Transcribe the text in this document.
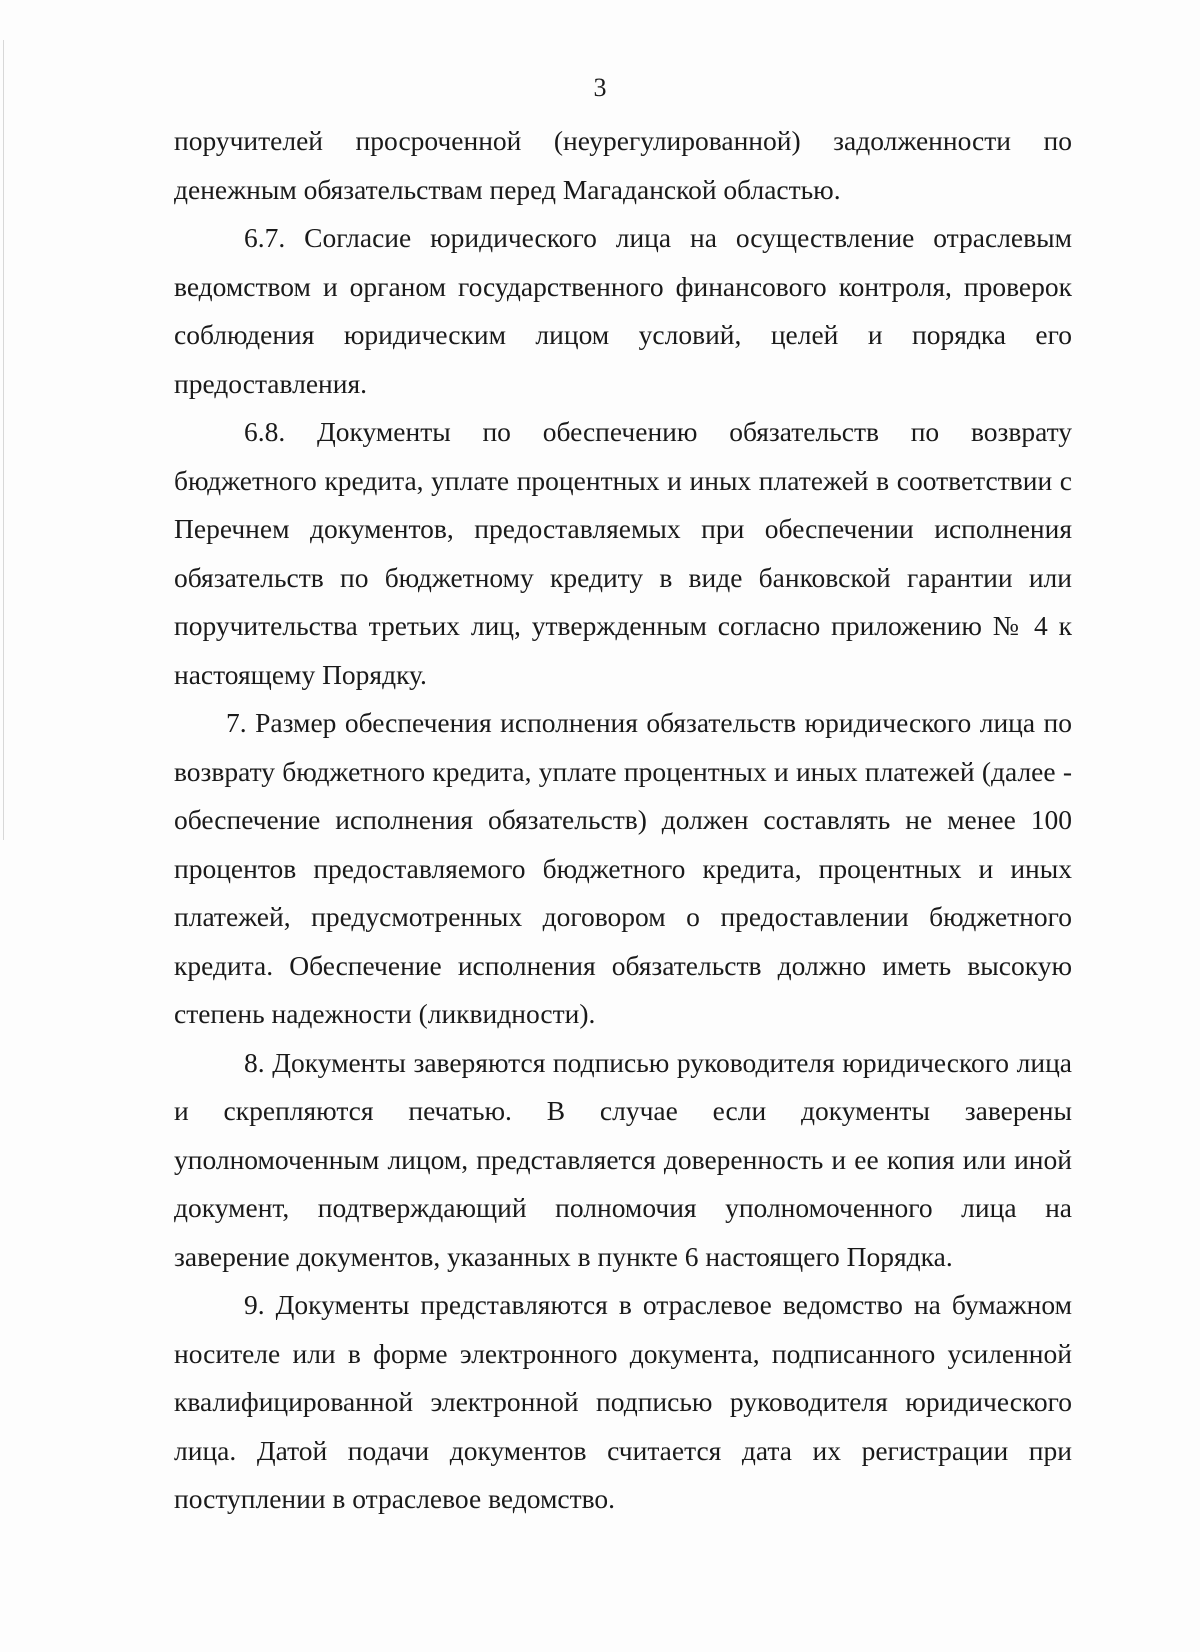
3

поручителей просроченной (неурегулированной) задолженности по денежным обязательствам перед Магаданской областью.

6.7. Согласие юридического лица на осуществление отраслевым ведомством и органом государственного финансового контроля, проверок соблюдения юридическим лицом условий, целей и порядка его предоставления.

6.8. Документы по обеспечению обязательств по возврату бюджетного кредита, уплате процентных и иных платежей в соответствии с Перечнем документов, предоставляемых при обеспечении исполнения обязательств по бюджетному кредиту в виде банковской гарантии или поручительства третьих лиц, утвержденным согласно приложению № 4 к настоящему Порядку.

7. Размер обеспечения исполнения обязательств юридического лица по возврату бюджетного кредита, уплате процентных и иных платежей (далее - обеспечение исполнения обязательств) должен составлять не менее 100 процентов предоставляемого бюджетного кредита, процентных и иных платежей, предусмотренных договором о предоставлении бюджетного кредита. Обеспечение исполнения обязательств должно иметь высокую степень надежности (ликвидности).

8. Документы заверяются подписью руководителя юридического лица и скрепляются печатью. В случае если документы заверены уполномоченным лицом, представляется доверенность и ее копия или иной документ, подтверждающий полномочия уполномоченного лица на заверение документов, указанных в пункте 6 настоящего Порядка.

9. Документы представляются в отраслевое ведомство на бумажном носителе или в форме электронного документа, подписанного усиленной квалифицированной электронной подписью руководителя юридического лица. Датой подачи документов считается дата их регистрации при поступлении в отраслевое ведомство.
